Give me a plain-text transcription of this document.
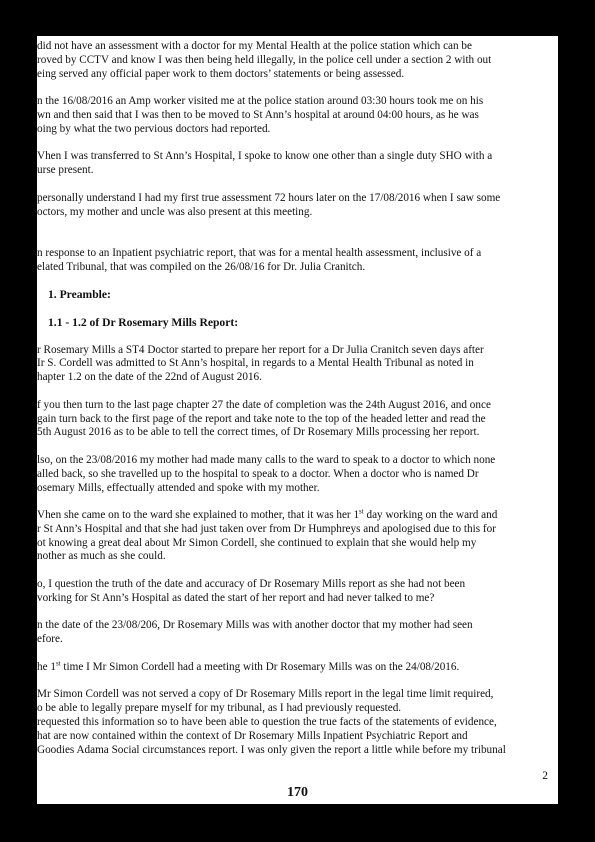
did not have an assessment with a doctor for my Mental Health at the police station which can be
roved by CCTV and know I was then being held illegally, in the police cell under a section 2 with out
eing served any official paper work to them doctors’ statements or being assessed.

n the 16/08/2016 an Amp worker visited me at the police station around 03:30 hours took me on his
wn and then said that I was then to be moved to St Ann’s hospital at around 04:00 hours, as he was
oing by what the two pervious doctors had reported.

Vhen I was transferred to St Ann’s Hospital, I spoke to know one other than a single duty SHO with a
urse present.

personally understand I had my first true assessment 72 hours later on the 17/08/2016 when I saw some
octors, my mother and uncle was also present at this meeting.

n response to an Inpatient psychiatric report, that was for a mental health assessment, inclusive of a
elated Tribunal, that was compiled on the 26/08/16 for Dr. Julia Cranitch.

1. Preamble:
1.1 - 1.2 of Dr Rosemary Mills Report:

r Rosemary Mills a ST4 Doctor started to prepare her report for a Dr Julia Cranitch seven days after
Ir S. Cordell was admitted to St Ann’s hospital, in regards to a Mental Health Tribunal as noted in
hapter 1.2 on the date of the 22nd of August 2016.

f you then turn to the last page chapter 27 the date of completion was the 24th August 2016, and once
gain turn back to the first page of the report and take note to the top of the headed letter and read the
5th August 2016 as to be able to tell the correct times, of Dr Rosemary Mills processing her report.

lso, on the 23/08/2016 my mother had made many calls to the ward to speak to a doctor to which none
alled back, so she travelled up to the hospital to speak to a doctor. When a doctor who is named Dr
osemary Mills, effectually attended and spoke with my mother.

Vhen she came on to the ward she explained to mother, that it was her 1st day working on the ward and
r St Ann’s Hospital and that she had just taken over from Dr Humphreys and apologised due to this for
ot knowing a great deal about Mr Simon Cordell, she continued to explain that she would help my
nother as much as she could.

o, I question the truth of the date and accuracy of Dr Rosemary Mills report as she had not been
vorking for St Ann’s Hospital as dated the start of her report and had never talked to me?

n the date of the 23/08/206, Dr Rosemary Mills was with another doctor that my mother had seen
efore.

he 1st time I Mr Simon Cordell had a meeting with Dr Rosemary Mills was on the 24/08/2016.

Mr Simon Cordell was not served a copy of Dr Rosemary Mills report in the legal time limit required,
o be able to legally prepare myself for my tribunal, as I had previously requested.

requested this information so to have been able to question the true facts of the statements of evidence,
hat are now contained within the context of Dr Rosemary Mills Inpatient Psychiatric Report and
Goodies Adama Social circumstances report. I was only given the report a little while before my tribunal

2
170
